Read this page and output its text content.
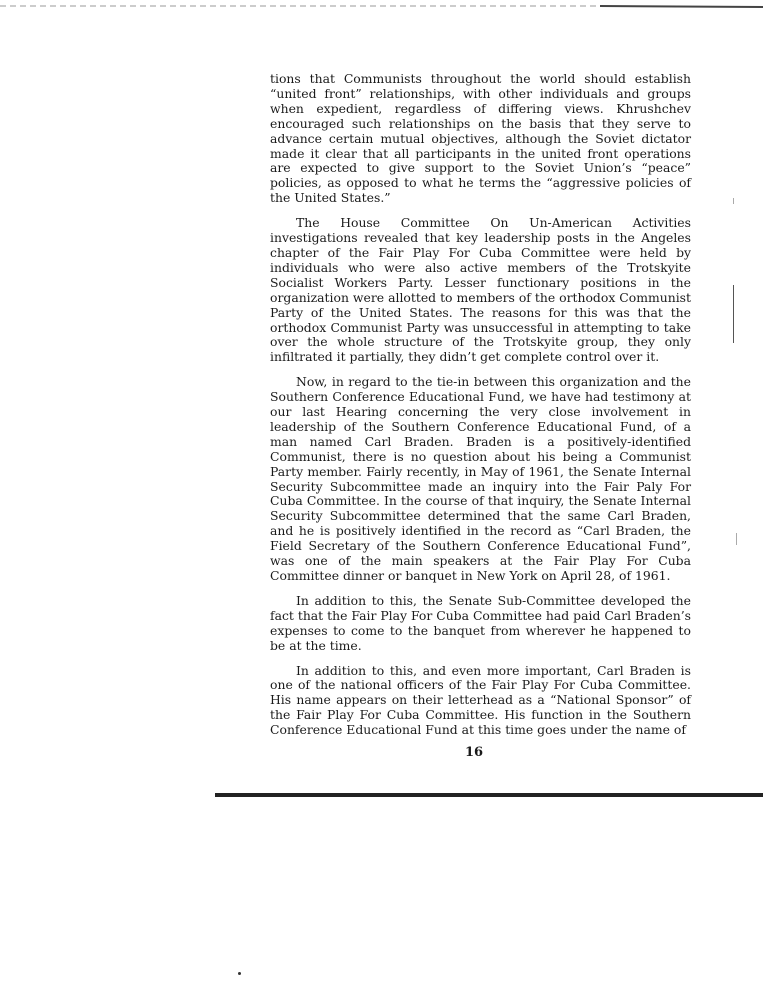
tions that Communists throughout the world should establish “united front” relationships, with other individuals and groups when expedient, regardless of differing views. Khrushchev encouraged such relationships on the basis that they serve to advance certain mutual objectives, although the Soviet dictator made it clear that all participants in the united front operations are expected to give support to the Soviet Union’s “peace” policies, as opposed to what he terms the “aggressive policies of the United States.”

The House Committee On Un-American Activities investigations revealed that key leadership posts in the Angeles chapter of the Fair Play For Cuba Committee were held by individuals who were also active members of the Trotskyite Socialist Workers Party. Lesser functionary positions in the organization were allotted to members of the orthodox Communist Party of the United States. The reasons for this was that the orthodox Communist Party was unsuccessful in attempting to take over the whole structure of the Trotskyite group, they only infiltrated it partially, they didn’t get complete control over it.

Now, in regard to the tie-in between this organization and the Southern Conference Educational Fund, we have had testimony at our last Hearing concerning the very close involvement in leadership of the Southern Conference Educational Fund, of a man named Carl Braden. Braden is a positively-identified Communist, there is no question about his being a Communist Party member. Fairly recently, in May of 1961, the Senate Internal Security Subcommittee made an inquiry into the Fair Paly For Cuba Committee. In the course of that inquiry, the Senate Internal Security Subcommittee determined that the same Carl Braden, and he is positively identified in the record as “Carl Braden, the Field Secretary of the Southern Conference Educational Fund”, was one of the main speakers at the Fair Play For Cuba Committee dinner or banquet in New York on April 28, of 1961.

In addition to this, the Senate Sub-Committee developed the fact that the Fair Play For Cuba Committee had paid Carl Braden’s expenses to come to the banquet from wherever he happened to be at the time.

In addition to this, and even more important, Carl Braden is one of the national officers of the Fair Play For Cuba Committee. His name appears on their letterhead as a “National Sponsor” of the Fair Play For Cuba Committee. His function in the Southern Conference Educational Fund at this time goes under the name of

16
